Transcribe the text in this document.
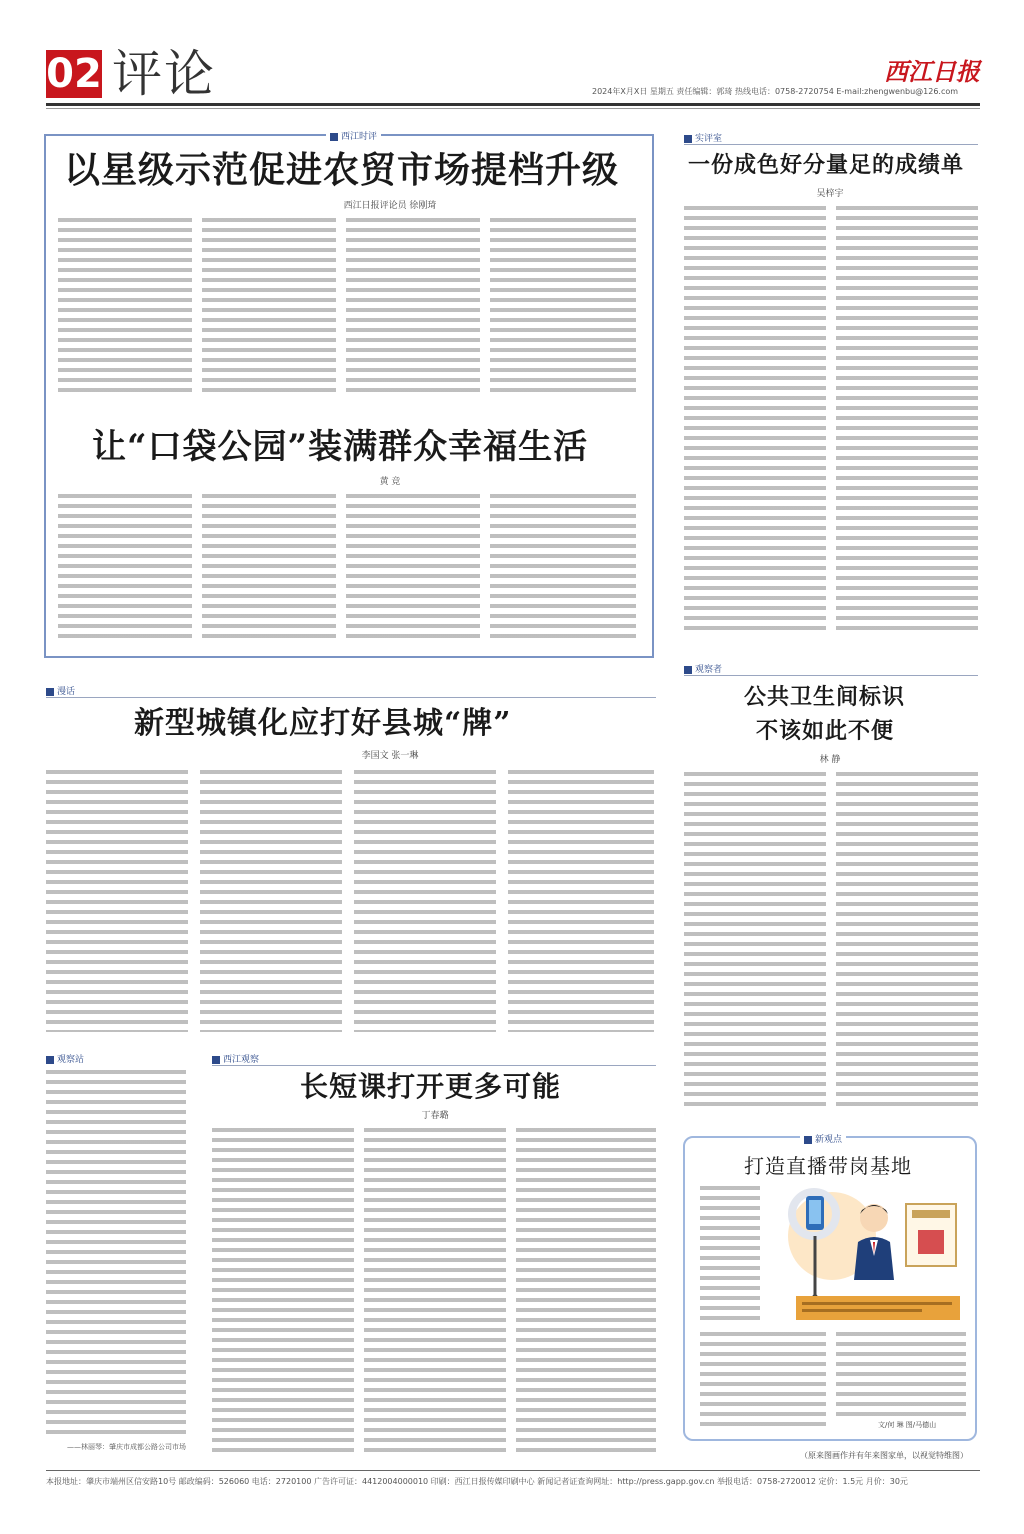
02 评论	西江日报
2024年X月X日 星期五 责任编辑：郭琦 热线电话：0758-2720754 E-mail:zhengwenbu@126.com
西江时评
以星级示范促进农贸市场提档升级
西江日报评论员 徐刚琦
让“口袋公园”装满群众幸福生活
黄 竞
实评室
一份成色好分量足的成绩单
吴梓宇
漫话
新型城镇化应打好县城“牌”
李国文 张一琳
观察者
公共卫生间标识
不该如此不便
林 静
观察站
——林丽琴：肇庆市成都公路公司市场
西江观察
长短课打开更多可能
丁春璐
新观点
打造直播带岗基地
文/何 琳 图/马德山
（原来图画作并有年来图家单，以视觉特维图）
本报地址：肇庆市端州区信安路10号 邮政编码：526060 电话：2720100 广告许可证：4412004000010 印刷：西江日报传媒印刷中心 新闻记者证查询网址：http://press.gapp.gov.cn 举报电话：0758-2720012 定价：1.5元 月价：30元
